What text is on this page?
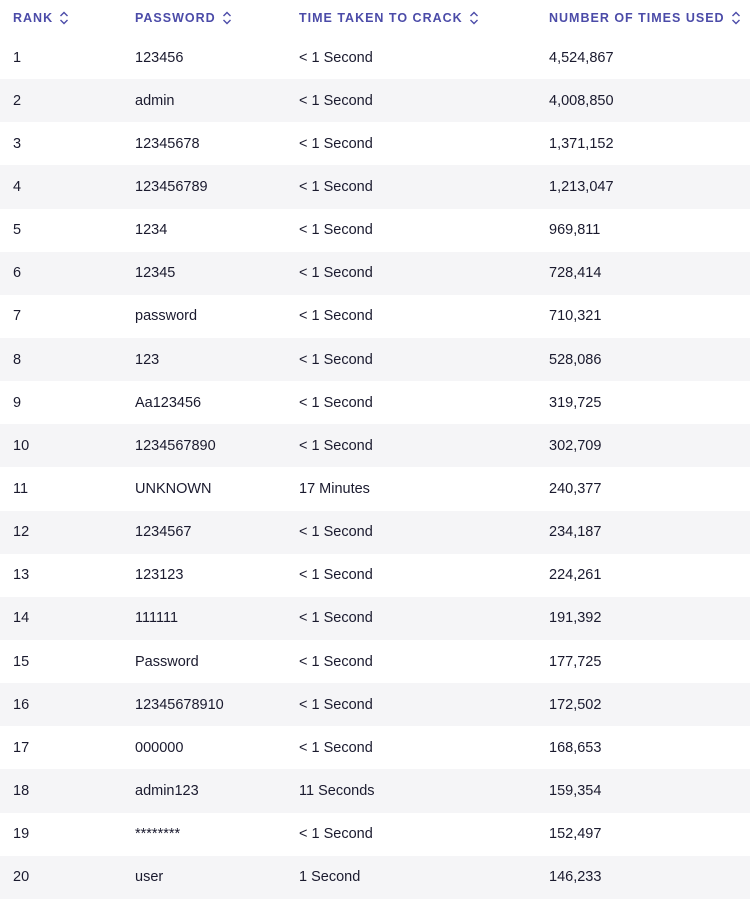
RANK	PASSWORD	TIME TAKEN TO CRACK	NUMBER OF TIMES USED
1	123456	< 1 Second	4,524,867
2	admin	< 1 Second	4,008,850
3	12345678	< 1 Second	1,371,152
4	123456789	< 1 Second	1,213,047
5	1234	< 1 Second	969,811
6	12345	< 1 Second	728,414
7	password	< 1 Second	710,321
8	123	< 1 Second	528,086
9	Aa123456	< 1 Second	319,725
10	1234567890	< 1 Second	302,709
11	UNKNOWN	17 Minutes	240,377
12	1234567	< 1 Second	234,187
13	123123	< 1 Second	224,261
14	111111	< 1 Second	191,392
15	Password	< 1 Second	177,725
16	12345678910	< 1 Second	172,502
17	000000	< 1 Second	168,653
18	admin123	11 Seconds	159,354
19	********	< 1 Second	152,497
20	user	1 Second	146,233
